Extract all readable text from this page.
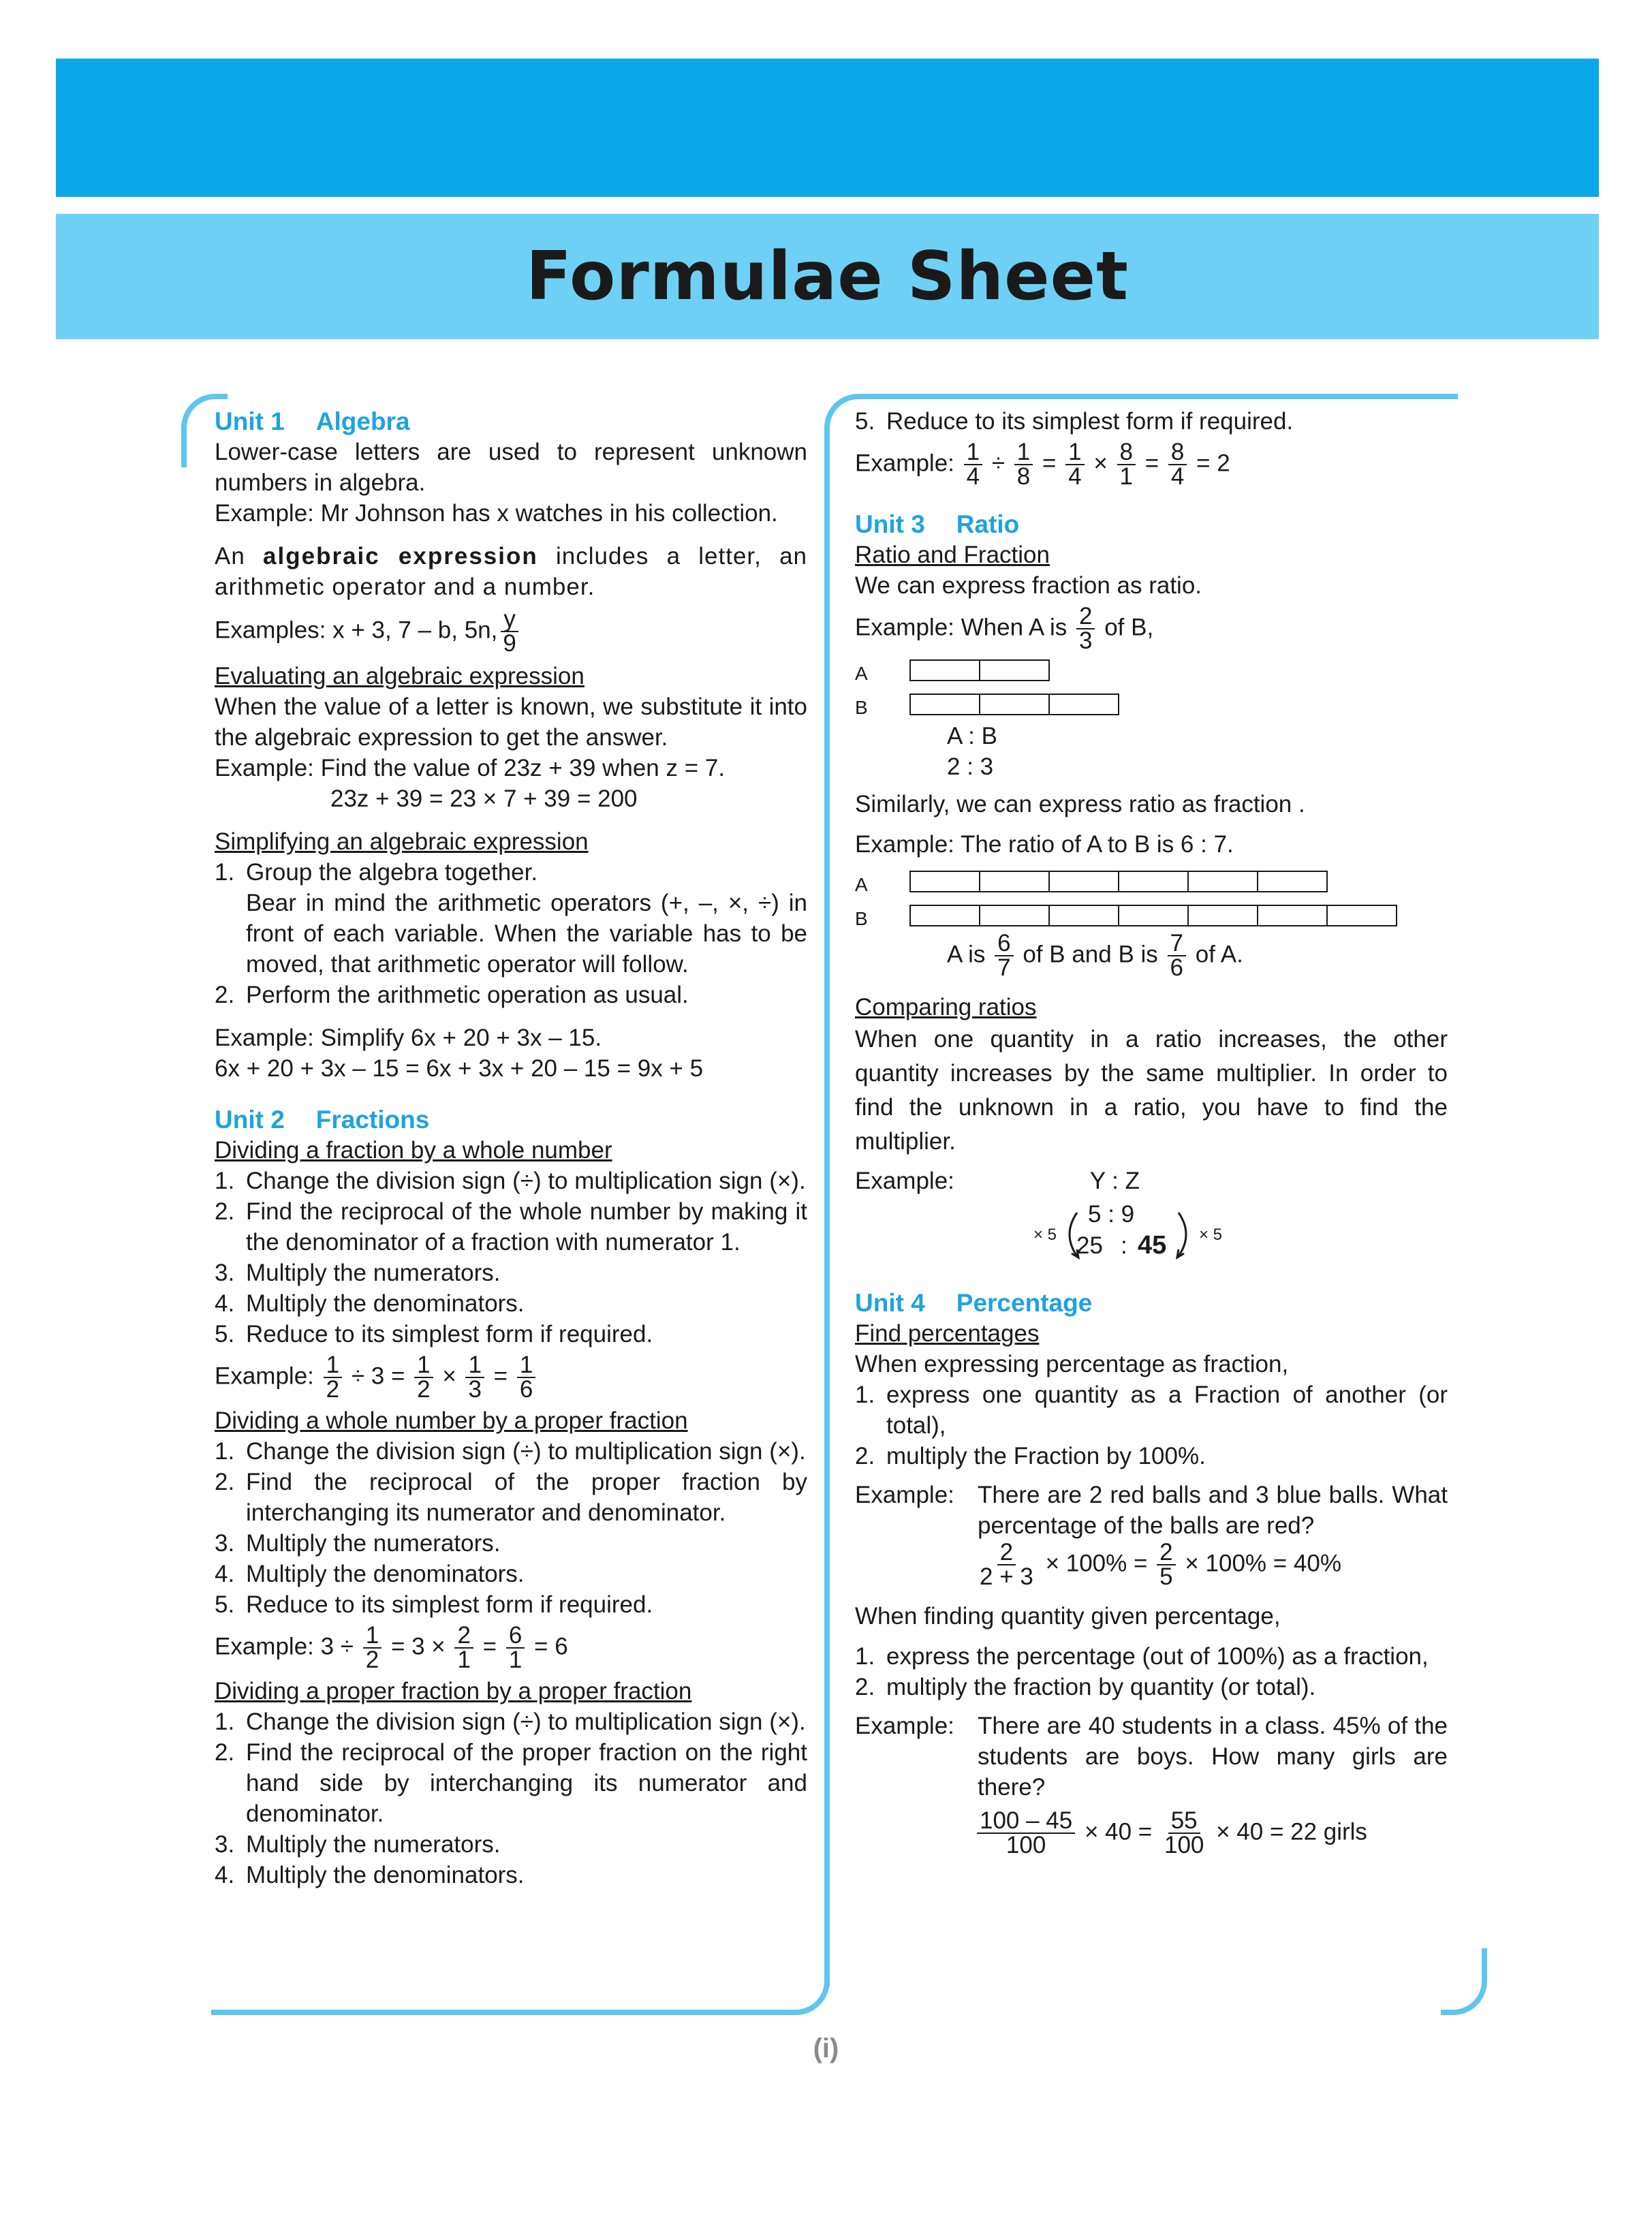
Formulae Sheet

Unit 1 Algebra

Lower-case letters are used to represent unknown numbers in algebra.

Example: Mr Johnson has x watches in his collection.

An algebraic expression includes a letter, an arithmetic operator and a number.

Examples: x + 3, 7 – b, 5n, $\frac{y}{9}$

Evaluating an algebraic expression

When the value of a letter is known, we substitute it into the algebraic expression to get the answer.

Example: Find the value of 23z + 39 when z = 7.

23z + 39 = 23 × 7 + 39 = 200

Simplifying an algebraic expression

1. Group the algebra together.

Bear in mind the arithmetic operators (+, –, ×, ÷) in front of each variable. When the variable has to be moved, that arithmetic operator will follow.

2. Perform the arithmetic operation as usual.

Example: Simplify 6x + 20 + 3x – 15.

6x + 20 + 3x – 15 = 6x + 3x + 20 – 15 = 9x + 5

Unit 2 Fractions

Dividing a fraction by a whole number

1. Change the division sign (÷) to multiplication sign (×).
2. Find the reciprocal of the whole number by making it the denominator of a fraction with numerator 1.
3. Multiply the numerators.
4. Multiply the denominators.
5. Reduce to its simplest form if required.

Example: $\frac{1}{2} \div 3 = \frac{1}{2} \times \frac{1}{3} = \frac{1}{6}$

Dividing a whole number by a proper fraction

1. Change the division sign (÷) to multiplication sign (×).
2. Find the reciprocal of the proper fraction by interchanging its numerator and denominator.
3. Multiply the numerators.
4. Multiply the denominators.
5. Reduce to its simplest form if required.

Example: $3 \div \frac{1}{2} = 3 \times \frac{2}{1} = \frac{6}{1} = 6$

Dividing a proper fraction by a proper fraction

1. Change the division sign (÷) to multiplication sign (×).
2. Find the reciprocal of the proper fraction on the right hand side by interchanging its numerator and denominator.
3. Multiply the numerators.
4. Multiply the denominators.
5. Reduce to its simplest form if required.

Example: $\frac{1}{4} \div \frac{1}{8} = \frac{1}{4} \times \frac{8}{1} = \frac{8}{4} = 2$

Unit 3 Ratio

Ratio and Fraction

We can express fraction as ratio.

Example: When A is $\frac{2}{3}$ of B,

A
B

A : B

2 : 3

Similarly, we can express ratio as fraction .

Example: The ratio of A to B is 6 : 7.

A
B

A is $\frac{6}{7}$ of B and B is $\frac{7}{6}$ of A.

Comparing ratios

When one quantity in a ratio increases, the other quantity increases by the same multiplier. In order to find the unknown in a ratio, you have to find the multiplier.

Example:	Y : Z

× 5
5 : 9
25 : 45 × 5

Unit 4 Percentage

Find percentages

When expressing percentage as fraction,

1. express one quantity as a Fraction of another (or total),
2. multiply the Fraction by 100%.
Example: There are 2 red balls and 3 blue balls. What percentage of the balls are red?

$\frac{2}{2 + 3} \times 100\% = \frac{2}{5} \times 100\% = 40\%$

When finding quantity given percentage,

1. express the percentage (out of 100%) as a fraction,
2. multiply the fraction by quantity (or total).
Example: There are 40 students in a class. 45% of the students are boys. How many girls are there?

$\frac{100 - 45}{100} \times 40 = \frac{55}{100} \times 40 = 22$ girls

(i)
